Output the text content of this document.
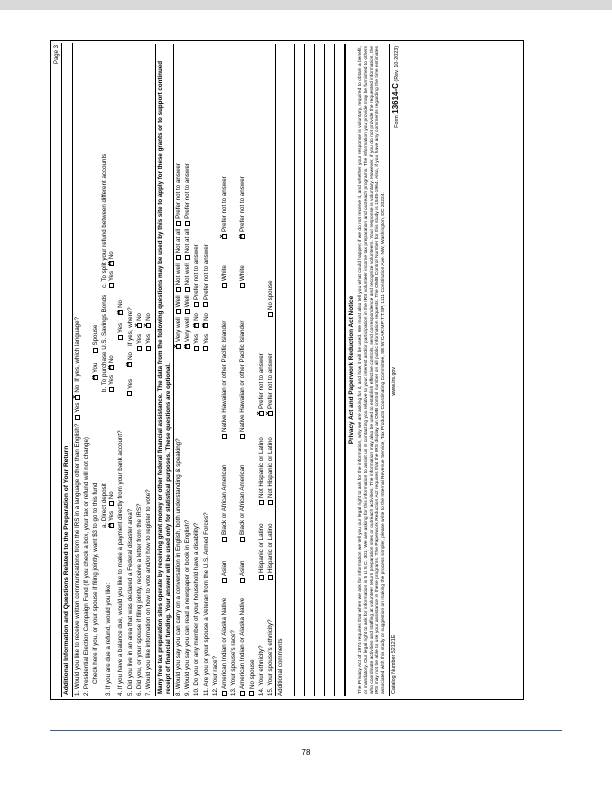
Page 3
Additional Information and Questions Related to the Preparation of Your Return 1. Would you like to receive written communications from the IRS in a language other than English?
Yes
×No
If yes, which language?
2. Presidential Election Campaign Fund (If you check a box, your tax or refund will not change) Check here if you, or your spouse if filing jointly, want $3 to go to this fund
×You
Spouse
3. If you are due a refund, would you like:
a. Direct deposit
× Yes

No
b. To purchase U.S. Savings Bonds Yes

×
No
c. To split your refund between different accounts Yes

×
No
4. If you have a balance due, would you like to make a payment directly from your bank account?
Yes
×No
5. Did you live in an area that was declared a Federal disaster area?
Yes
×No
If yes, where?
6. Did you, or your spouse if filing jointly, receive a letter from the IRS?
Yes
×No
7. Would you like information on how to vote and/or how to register to vote?
Yes
×No Many free tax preparation sites operate by receiving grant money or other federal financial assistance. The data from the following questions may be used by this site to apply for these grants or to support continued receipt of financial funding. Your answer will be used only for statistical purposes. These questions are optional. 8. Would you say you can carry on a conversation in English, both understanding & speaking?
×Very well
Well
Not well
Not at all
Prefer not to answer
9. Would you say you can read a newspaper or book in English?
×Very well
Well
Not well
Not at all
Prefer not to answer
10. Do you or any member of your household have a disability?
Yes
×No
Prefer not to answer
11. Are you or your spouse a Veteran from the U.S. Armed Forces?
Yes
×No
Prefer not to answer
12. Your race? American Indian or Alaska Native
Asian
Black or African American
Native Hawaiian or other Pacific Islander
White
×Prefer not to answer
13. Your spouse's race? American Indian or Alaska Native
Asian
Black or African American
Native Hawaiian or other Pacific Islander
White
×Prefer not to answer
No spouse 14. Your ethnicity?
Hispanic or Latino
Not Hispanic or Latino
×Prefer not to answer
15. Your spouse's ethnicity?
Hispanic or Latino
Not Hispanic or Latino
×Prefer not to answer
No spouse
Additional comments
Privacy Act and Paperwork Reduction Act Notice The Privacy Act of 1974 requires that when we ask for information we tell you our legal right to ask for the information, why we are asking for it, and how it will be used. We must also tell you what could happen if we do not receive it, and whether your response is voluntary, required to obtain a benefit, or mandatory. Our legal right to ask for information is 5 U.S.C. 301. We are asking for this information to assist us in contacting you relative to your interest and/or participation in the IRS volunteer income tax preparation and outreach programs. The information you provide may be furnished to others who coordinate activities and staffing at volunteer return preparation sites or outreach activities. The information may also be used to establish effective controls, send correspondence and recognize volunteers. Your response is voluntary. However, if you do not provide the requested information, the IRS may not be able to use your assistance in these programs. The Paperwork Reduction Act requires that the IRS display an OMB control number on all public information requests. The OMB Control Number for this study is 1545-1964. Also, if you have any comments regarding the time estimates associated with this study or suggestion on making the process simpler, please write to the Internal Revenue Service, Tax Products Coordinating Committee, SE:W:CAR:MP:T:T:SP, 1111 Constitution Ave. NW, Washington, DC 20224. Catalog Number 52121E
www.irs.gov
Form 13614-C (Rev. 10-2023)
78
